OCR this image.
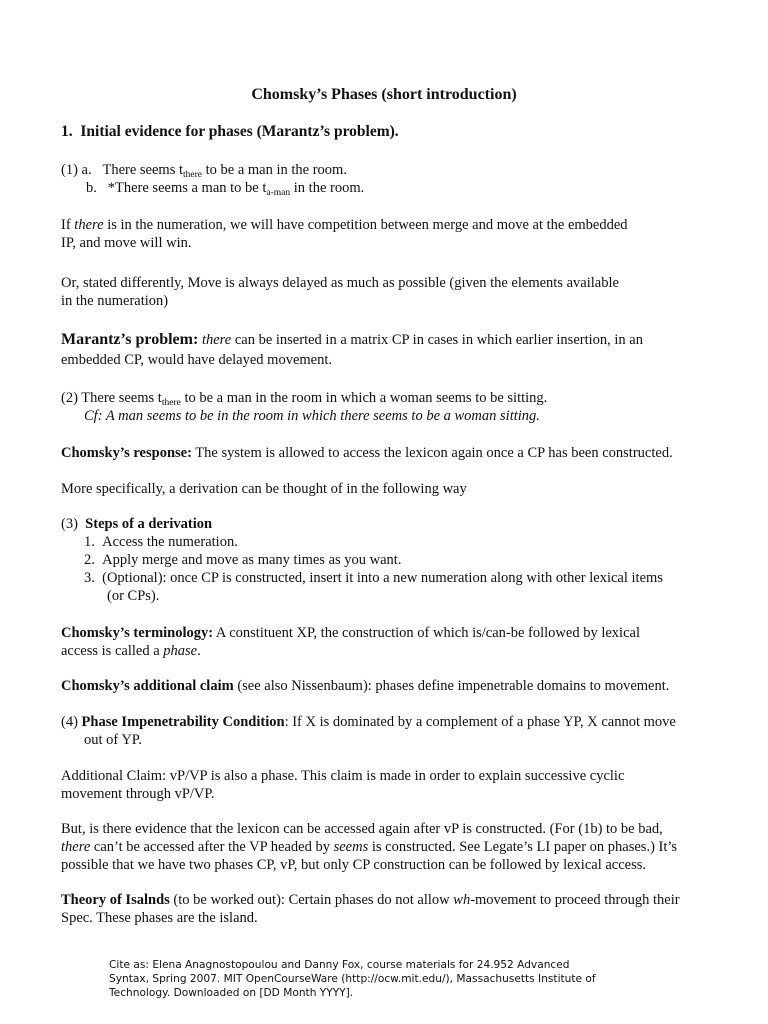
Chomsky’s Phases (short introduction)
1. Initial evidence for phases (Marantz’s problem).
(1) a. There seems $t_{there}$ to be a man in the room.
b. *There seems a man to be $t_{a-man}$ in the room.
If there is in the numeration, we will have competition between merge and move at the embedded
IP, and move will win.
Or, stated differently, Move is always delayed as much as possible (given the elements available
in the numeration)
Marantz’s problem: there can be inserted in a matrix CP in cases in which earlier insertion, in an
embedded CP, would have delayed movement.
(2) There seems $t_{there}$ to be a man in the room in which a woman seems to be sitting.
Cf: A man seems to be in the room in which there seems to be a woman sitting.
Chomsky’s response: The system is allowed to access the lexicon again once a CP has been constructed.
More specifically, a derivation can be thought of in the following way
(3) Steps of a derivation
1. Access the numeration.
2. Apply merge and move as many times as you want.
3. (Optional): once CP is constructed, insert it into a new numeration along with other lexical items
(or CPs).
Chomsky’s terminology: A constituent XP, the construction of which is/can-be followed by lexical
access is called a phase.
Chomsky’s additional claim (see also Nissenbaum): phases define impenetrable domains to movement.
(4) Phase Impenetrability Condition: If X is dominated by a complement of a phase YP, X cannot move
out of YP.
Additional Claim: vP/VP is also a phase. This claim is made in order to explain successive cyclic
movement through vP/VP.
But, is there evidence that the lexicon can be accessed again after vP is constructed. (For (1b) to be bad,
there can’t be accessed after the VP headed by seems is constructed. See Legate’s LI paper on phases.) It’s
possible that we have two phases CP, vP, but only CP construction can be followed by lexical access.
Theory of Isalnds (to be worked out): Certain phases do not allow wh-movement to proceed through their
Spec. These phases are the island.
Cite as: Elena Anagnostopoulou and Danny Fox, course materials for 24.952 Advanced
Syntax, Spring 2007. MIT OpenCourseWare (http://ocw.mit.edu/), Massachusetts Institute of
Technology. Downloaded on [DD Month YYYY].
